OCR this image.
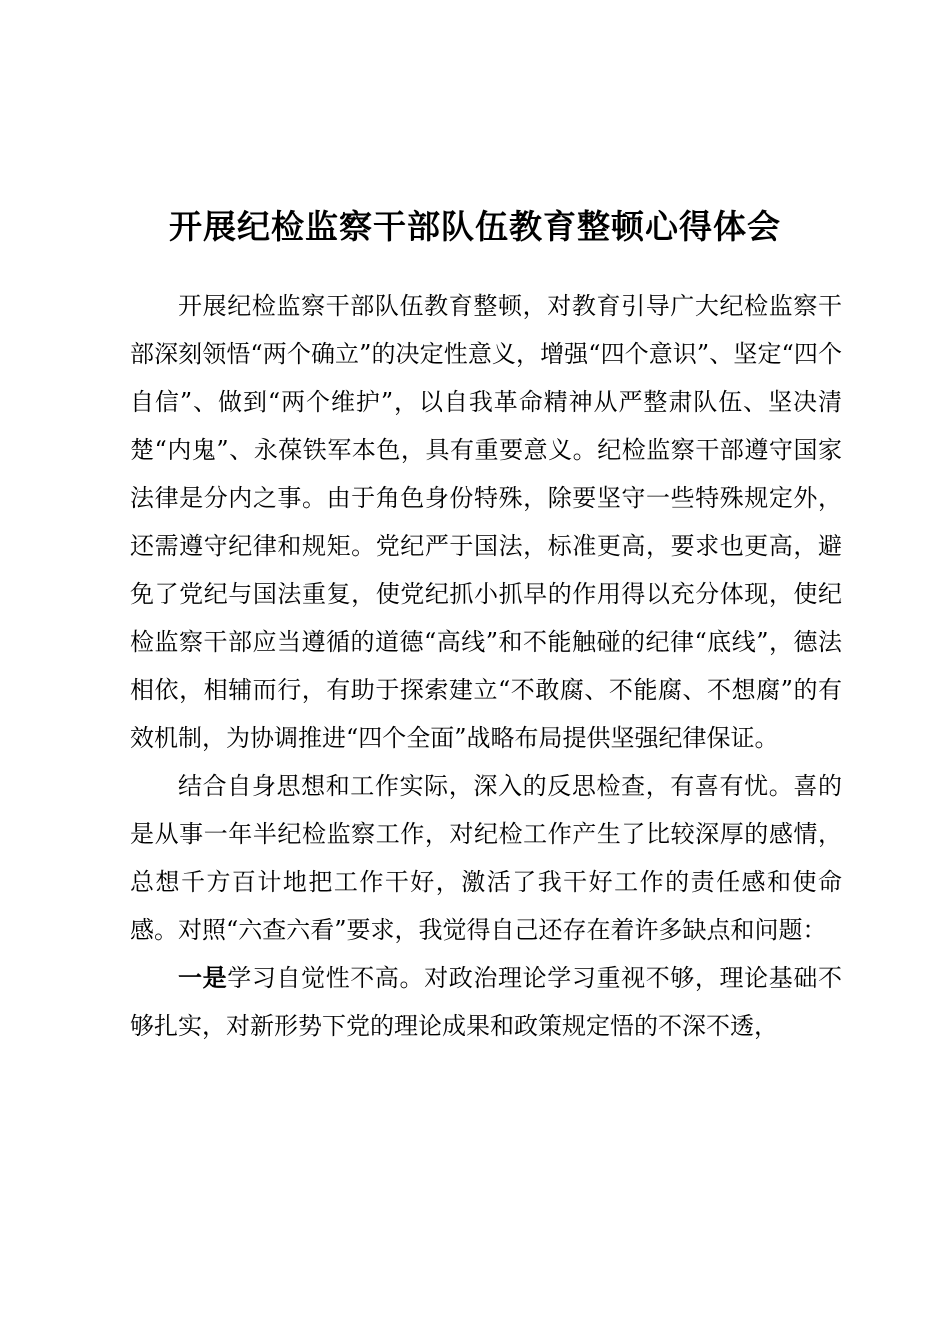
开展纪检监察干部队伍教育整顿心得体会

开展纪检监察干部队伍教育整顿，对教育引导广大纪检监察干部深刻领悟“两个确立”的决定性意义，增强“四个意识”、坚定“四个自信”、做到“两个维护”，以自我革命精神从严整肃队伍、坚决清楚“内鬼”、永葆铁军本色，具有重要意义。纪检监察干部遵守国家法律是分内之事。由于角色身份特殊，除要坚守一些特殊规定外，还需遵守纪律和规矩。党纪严于国法，标准更高，要求也更高，避免了党纪与国法重复，使党纪抓小抓早的作用得以充分体现，使纪检监察干部应当遵循的道德“高线”和不能触碰的纪律“底线”，德法相依，相辅而行，有助于探索建立“不敢腐、不能腐、不想腐”的有效机制，为协调推进“四个全面”战略布局提供坚强纪律保证。

结合自身思想和工作实际，深入的反思检查，有喜有忧。喜的是从事一年半纪检监察工作，对纪检工作产生了比较深厚的感情，总想千方百计地把工作干好，激活了我干好工作的责任感和使命感。对照“六查六看”要求，我觉得自己还存在着许多缺点和问题：

一是学习自觉性不高。对政治理论学习重视不够，理论基础不够扎实，对新形势下党的理论成果和政策规定悟的不深不透，
